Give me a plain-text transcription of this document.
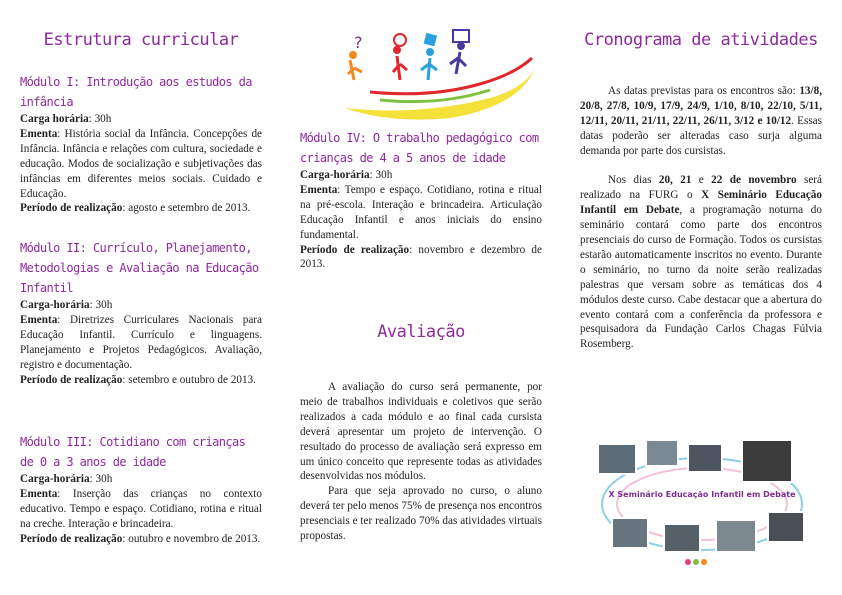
Estrutura curricular
Módulo I: Introdução aos estudos da infância

Carga horária: 30h

Ementa: História social da Infância. Concepções de Infância. Infância e relações com cultura, sociedade e educação. Modos de socialização e subjetivações das infâncias em diferentes meios sociais. Cuidado e Educação.

Período de realização: agosto e setembro de 2013.

Módulo II: Currículo, Planejamento, Metodologias e Avaliação na Educação Infantil

Carga-horária: 30h

Ementa: Diretrizes Curriculares Nacionais para Educação Infantil. Currículo e linguagens. Planejamento e Projetos Pedagógicos. Avaliação, registro e documentação.

Período de realização: setembro e outubro de 2013.

Módulo III: Cotidiano com crianças de 0 a 3 anos de idade

Carga-horária: 30h

Ementa: Inserção das crianças no contexto educativo. Tempo e espaço. Cotidiano, rotina e ritual na creche. Interação e brincadeira.

Período de realização: outubro e novembro de 2013.

?
Módulo IV: O trabalho pedagógico com crianças de 4 a 5 anos de idade

Carga-horária: 30h

Ementa: Tempo e espaço. Cotidiano, rotina e ritual na pré-escola. Interação e brincadeira. Articulação Educação Infantil e anos iniciais do ensino fundamental.

Período de realização: novembro e dezembro de 2013.

Avaliação

A avaliação do curso será permanente, por meio de trabalhos individuais e coletivos que serão realizados a cada módulo e ao final cada cursista deverá apresentar um projeto de intervenção. O resultado do processo de avaliação será expresso em um único conceito que represente todas as atividades desenvolvidas nos módulos.

Para que seja aprovado no curso, o aluno deverá ter pelo menos 75% de presença nos encontros presenciais e ter realizado 70% das atividades virtuais propostas.

Cronograma de atividades

As datas previstas para os encontros são: 13/8, 20/8, 27/8, 10/9, 17/9, 24/9, 1/10, 8/10, 22/10, 5/11, 12/11, 20/11, 21/11, 22/11, 26/11, 3/12 e 10/12. Essas datas poderão ser alteradas caso surja alguma demanda por parte dos cursistas.

Nos dias 20, 21 e 22 de novembro será realizado na FURG o X Seminário Educação Infantil em Debate, a programação noturna do seminário contará como parte dos encontros presenciais do curso de Formação. Todos os cursistas estarão automaticamente inscritos no evento. Durante o seminário, no turno da noite serão realizadas palestras que versam sobre as temáticas dos 4 módulos deste curso. Cabe destacar que a abertura do evento contará com a conferência da professora e pesquisadora da Fundação Carlos Chagas Fúlvia Rosemberg.

X Seminário Educação Infantil em Debate
